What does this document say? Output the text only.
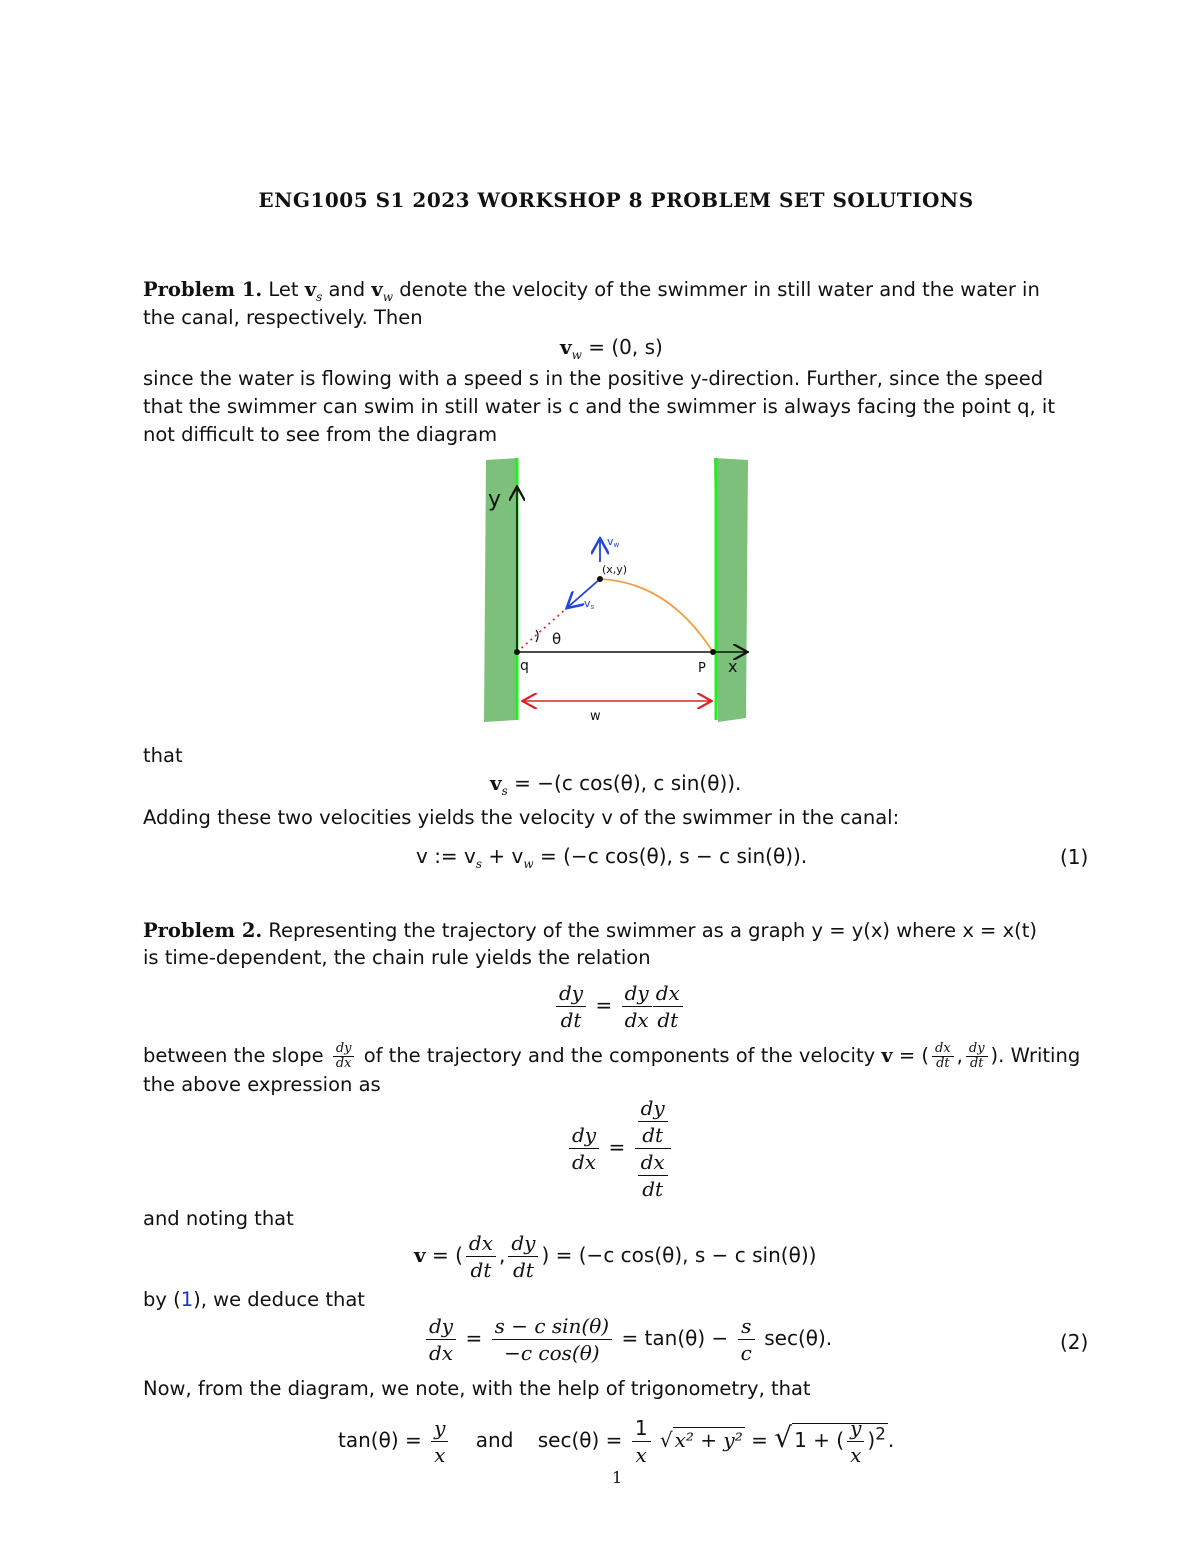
ENG1005 S1 2023 WORKSHOP 8 PROBLEM SET SOLUTIONS
Problem 1. Let $v_s$ and $v_w$ denote the velocity of the swimmer in still water and the water in
the canal, respectively. Then
$v_w = (0$, s)
since the water is flowing with a speed s in the positive y-direction. Further, since the speed
that the swimmer can swim in still water is c and the swimmer is always facing the point q, it
not difficult to see from the diagram
y
x
q	P
w
θ
(x,y)
vw
vs
that
$v_s = -(c$ cos(θ), c sin(θ)).
Adding these two velocities yields the velocity v of the swimmer in the canal:
v := $v_s + v_w = (-c$ cos(θ), s − c sin(θ)).	(1)
Problem 2. Representing the trajectory of the swimmer as a graph y = y(x) where x = x(t)
is time-dependent, the chain rule yields the relation
$\frac{dy}{dt} = \frac{dy}{dx} \frac{dx}{dt}$
between the slope $\frac{dy}{dx}$ of the trajectory and the components of the velocity v = ( $\frac{dx}{dt}$ , $\frac{dy}{dt}$ ). Writing
the above expression as
$\frac{dy}{dx} = \frac{\frac{dy}{dt}}{\frac{dx}{dt}}$
and noting that
v = ( $\frac{dx}{dt}$ , $\frac{dy}{dt}$ ) = (−c cos(θ), s − c sin(θ))
by (1), we deduce that
$\frac{dy}{dx} = \frac{\text{s − c sin(θ)}}{\text{−c cos(θ)}} = \tan(\theta) - \frac{s}{c} \sec(\theta)$.	(2)
Now, from the diagram, we note, with the help of trigonometry, that
$\tan(\theta) = \frac{y}{x}$ and $\sec(\theta) = \frac{1}{x}$ √ x² + y² = √ 1 + ( $\frac{y}{x} )^2$ .
1
